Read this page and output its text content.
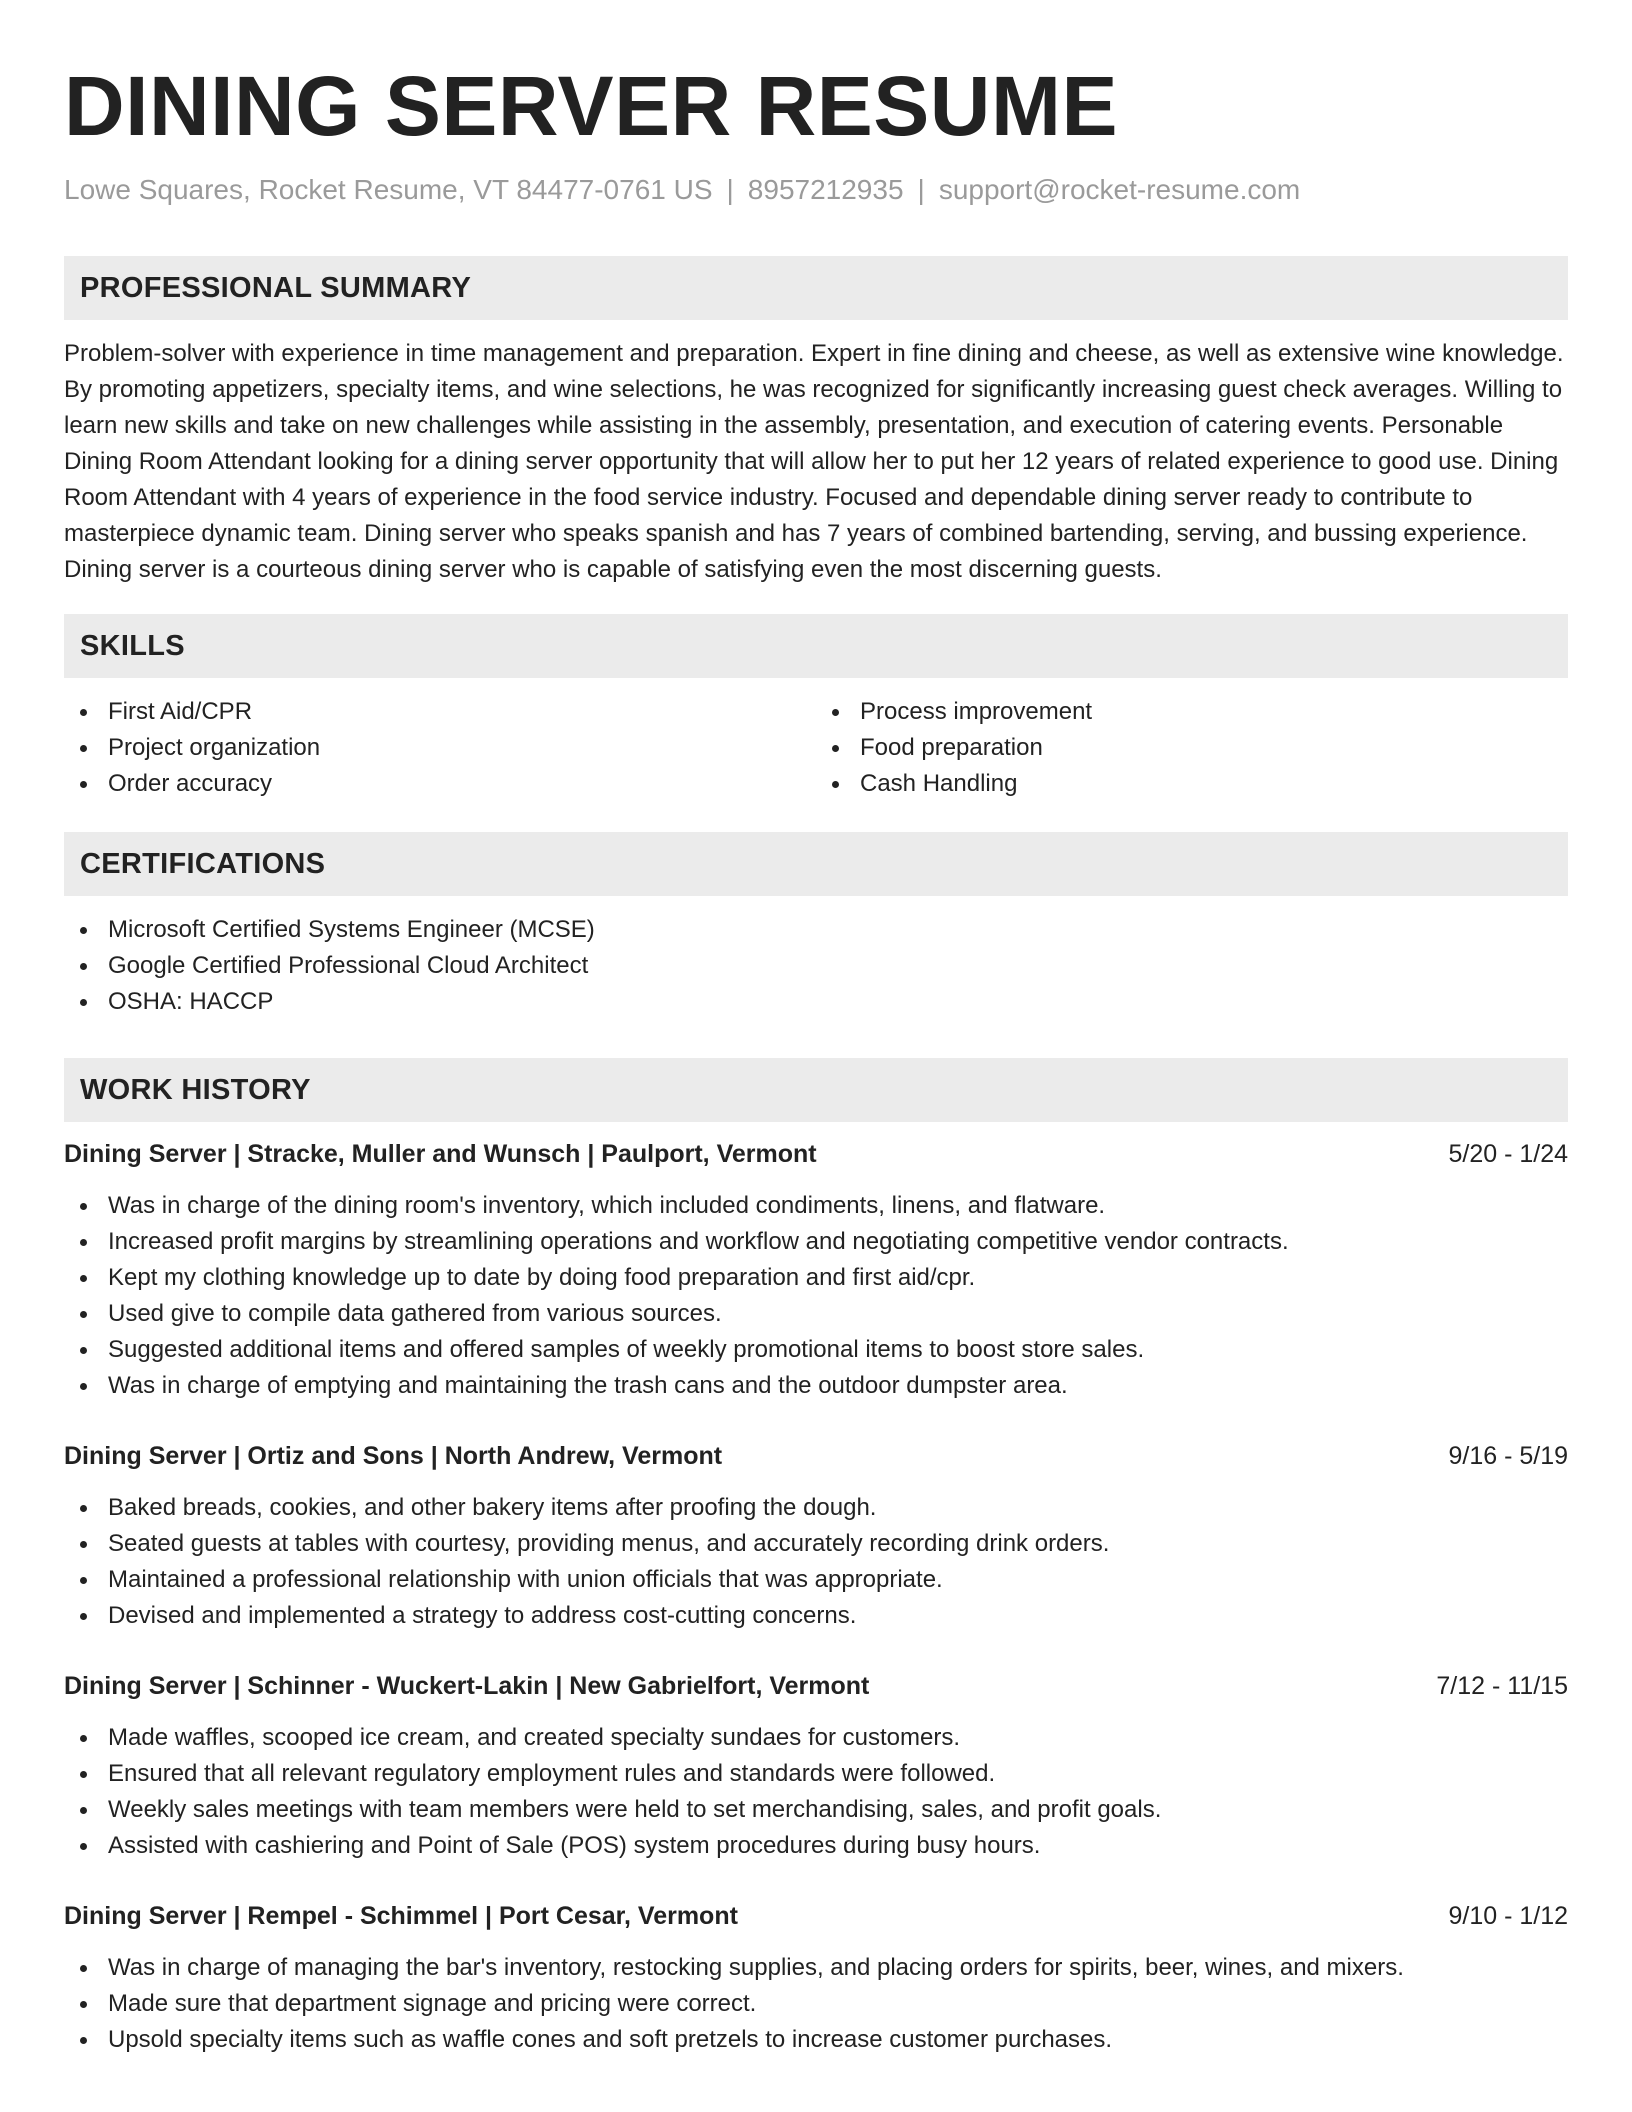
DINING SERVER RESUME
Lowe Squares, Rocket Resume, VT 84477-0761 US | 8957212935 | support@rocket-resume.com
PROFESSIONAL SUMMARY

Problem-solver with experience in time management and preparation. Expert in fine dining and cheese, as well as extensive wine knowledge. By promoting appetizers, specialty items, and wine selections, he was recognized for significantly increasing guest check averages. Willing to learn new skills and take on new challenges while assisting in the assembly, presentation, and execution of catering events. Personable Dining Room Attendant looking for a dining server opportunity that will allow her to put her 12 years of related experience to good use. Dining Room Attendant with 4 years of experience in the food service industry. Focused and dependable dining server ready to contribute to masterpiece dynamic team. Dining server who speaks spanish and has 7 years of combined bartending, serving, and bussing experience. Dining server is a courteous dining server who is capable of satisfying even the most discerning guests.

SKILLS
First Aid/CPR
Project organization
Order accuracy
Process improvement
Food preparation
Cash Handling
CERTIFICATIONS
Microsoft Certified Systems Engineer (MCSE)
Google Certified Professional Cloud Architect
OSHA: HACCP
WORK HISTORY
Dining Server | Stracke, Muller and Wunsch | Paulport, Vermont	5/20 - 1/24
Was in charge of the dining room's inventory, which included condiments, linens, and flatware.
Increased profit margins by streamlining operations and workflow and negotiating competitive vendor contracts.
Kept my clothing knowledge up to date by doing food preparation and first aid/cpr.
Used give to compile data gathered from various sources.
Suggested additional items and offered samples of weekly promotional items to boost store sales.
Was in charge of emptying and maintaining the trash cans and the outdoor dumpster area.
Dining Server | Ortiz and Sons | North Andrew, Vermont	9/16 - 5/19
Baked breads, cookies, and other bakery items after proofing the dough.
Seated guests at tables with courtesy, providing menus, and accurately recording drink orders.
Maintained a professional relationship with union officials that was appropriate.
Devised and implemented a strategy to address cost-cutting concerns.
Dining Server | Schinner - Wuckert-Lakin | New Gabrielfort, Vermont	7/12 - 11/15
Made waffles, scooped ice cream, and created specialty sundaes for customers.
Ensured that all relevant regulatory employment rules and standards were followed.
Weekly sales meetings with team members were held to set merchandising, sales, and profit goals.
Assisted with cashiering and Point of Sale (POS) system procedures during busy hours.
Dining Server | Rempel - Schimmel | Port Cesar, Vermont	9/10 - 1/12
Was in charge of managing the bar's inventory, restocking supplies, and placing orders for spirits, beer, wines, and mixers.
Made sure that department signage and pricing were correct.
Upsold specialty items such as waffle cones and soft pretzels to increase customer purchases.
